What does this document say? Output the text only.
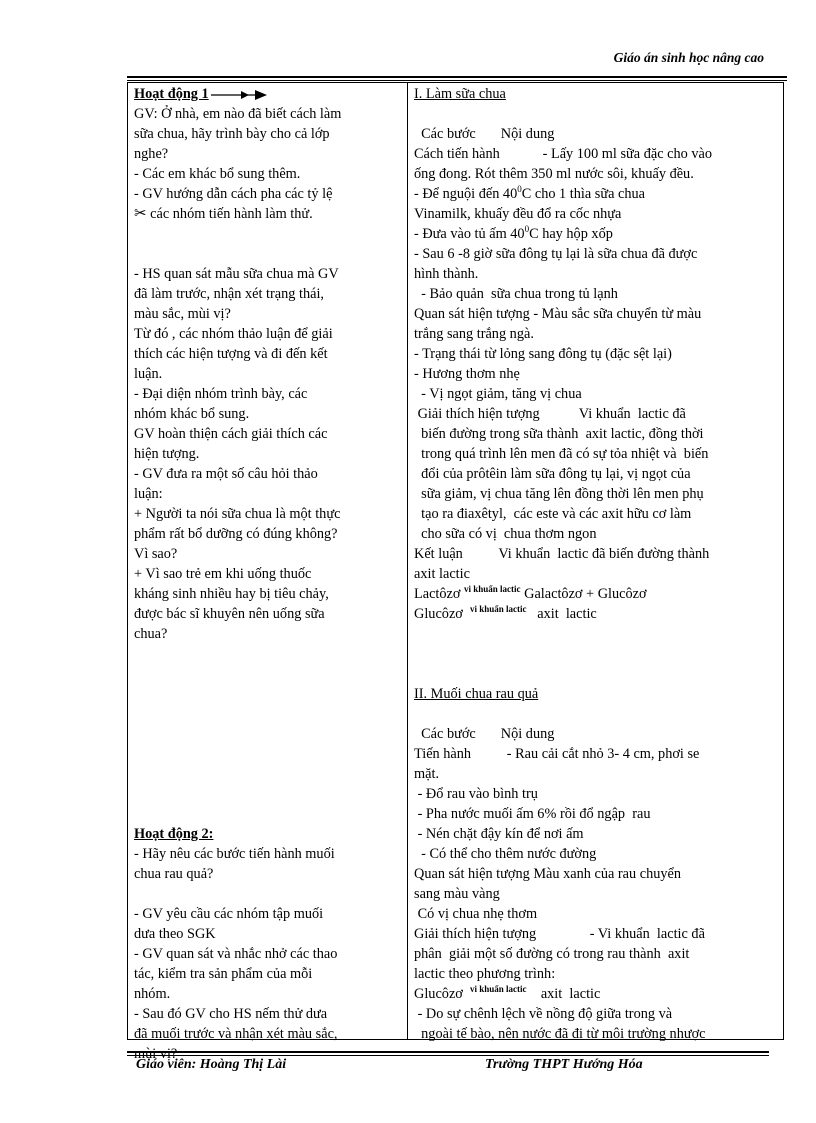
Giáo án sinh học nâng cao
Hoạt động 1
GV: Ở nhà, em nào đã biết cách làm
sữa chua, hãy trình bày cho cả lớp
nghe?
- Các em khác bổ sung thêm.
- GV hướng dẫn cách pha các tỷ lệ
✂ các nhóm tiến hành làm thử.
- HS quan sát mẫu sữa chua mà GV
đã làm trước, nhận xét trạng thái,
màu sắc, mùi vị?
Từ đó , các nhóm thảo luận để giải
thích các hiện tượng và đi đến kết
luận.
- Đại diện nhóm trình bày, các
nhóm khác bổ sung.
GV hoàn thiện cách giải thích các
hiện tượng.
- GV đưa ra một số câu hỏi thảo
luận:
+ Người ta nói sữa chua là một thực
phẩm rất bổ dưỡng có đúng không?
Vì sao?
+ Vì sao trẻ em khi uống thuốc
kháng sinh nhiều hay bị tiêu chảy,
được bác sĩ khuyên nên uống sữa
chua?
Hoạt động 2:
- Hãy nêu các bước tiến hành muối
chua rau quả?
- GV yêu cầu các nhóm tập muối
dưa theo SGK
- GV quan sát và nhắc nhở các thao
tác, kiểm tra sản phẩm của mỗi
nhóm.
- Sau đó GV cho HS nếm thử dưa
đã muối trước và nhận xét màu sắc,
mùi vị?
I. Làm sữa chua
Các bước       Nội dung
Cách tiến hành            - Lấy 100 ml sữa đặc cho vào
ống đong. Rót thêm 350 ml nước sôi, khuấy đều.
- Để nguội đến $40^0C$ cho 1 thìa sữa chua
Vinamilk, khuấy đều đổ ra cốc nhựa
- Đưa vào tủ ấm $40^0C$ hay hộp xốp
- Sau 6 -8 giờ sữa đông tụ lại là sữa chua đã được
hình thành.
- Bảo quản  sữa chua trong tủ lạnh
Quan sát hiện tượng - Màu sắc sữa chuyển từ màu
trắng sang trắng ngà.
- Trạng thái từ lỏng sang đông tụ (đặc sệt lại)
- Hương thơm nhẹ
- Vị ngọt giảm, tăng vị chua
Giải thích hiện tượng           Vi khuẩn  lactic đã
biến đường trong sữa thành  axit lactic, đồng thời
trong quá trình lên men đã có sự tỏa nhiệt và  biến
đổi của prôtêin làm sữa đông tụ lại, vị ngọt của
sữa giảm, vị chua tăng lên đồng thời lên men phụ
tạo ra điaxêtyl,  các este và các axit hữu cơ làm
cho sữa có vị  chua thơm ngon
Kết luận          Vi khuẩn  lactic đã biến đường thành
axit lactic
Lactôzơ $^{vi khuẩn lactic}$ Galactôzơ + Glucôzơ
Glucôzơ  $^{vi khuẩn lactic}$   axit  lactic
II. Muối chua rau quả
Các bước       Nội dung
Tiến hành          - Rau cải cắt nhỏ 3- 4 cm, phơi se
mặt.
- Đổ rau vào bình trụ
- Pha nước muối ấm 6% rồi đổ ngập  rau
- Nén chặt đậy kín để nơi ấm
- Có thể cho thêm nước đường
Quan sát hiện tượng Màu xanh của rau chuyển
sang màu vàng
Có vị chua nhẹ thơm
Giải thích hiện tượng               - Vi khuẩn  lactic đã
phân  giải một số đường có trong rau thành  axit
lactic theo phương trình:
Glucôzơ  $^{vi khuẩn lactic}$    axit  lactic
- Do sự chênh lệch về nồng độ giữa trong và
ngoài tế bào, nên nước đã đi từ môi trường nhược
Giáo viên: Hoàng Thị Lài	Trường THPT Hướng Hóa
